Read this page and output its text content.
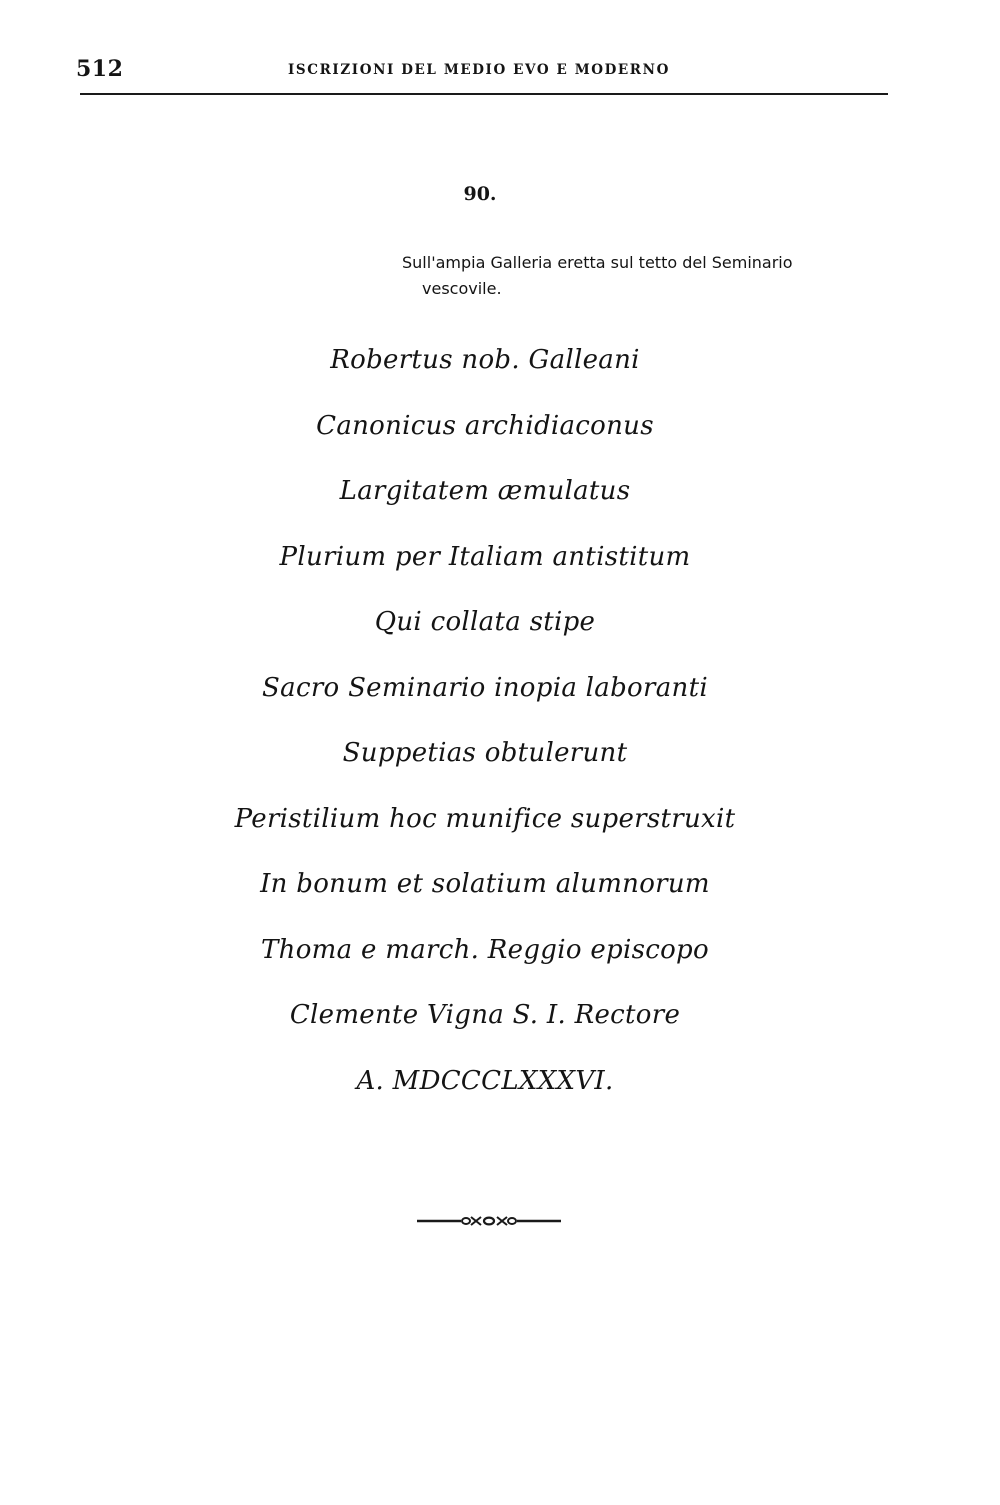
512	ISCRIZIONI DEL MEDIO EVO E MODERNO
90.
Sull'ampia Galleria eretta sul tetto del Seminario
vescovile.
Robertus nob. Galleani
Canonicus archidiaconus
Largitatem æmulatus
Plurium per Italiam antistitum
Qui collata stipe
Sacro Seminario inopia laboranti
Suppetias obtulerunt
Peristilium hoc munifice superstruxit
In bonum et solatium alumnorum
Thoma e march. Reggio episcopo
Clemente Vigna S. I. Rectore
A. MDCCCLXXXVI.
